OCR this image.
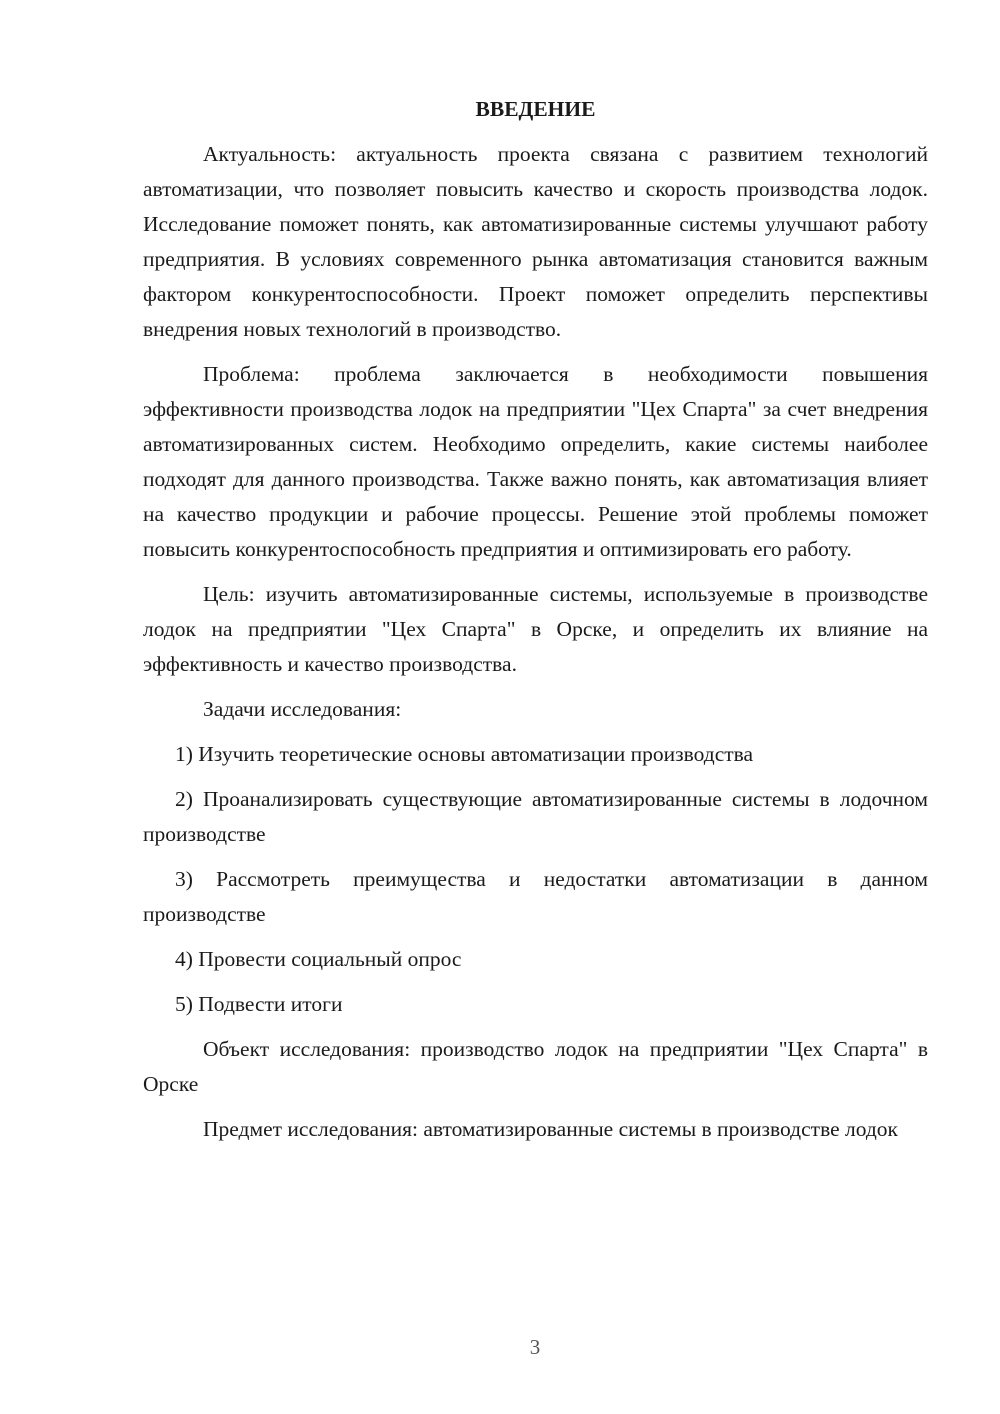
ВВЕДЕНИЕ

Актуальность: актуальность проекта связана с развитием технологий автоматизации, что позволяет повысить качество и скорость производства лодок. Исследование поможет понять, как автоматизированные системы улучшают работу предприятия. В условиях современного рынка автоматизация становится важным фактором конкурентоспособности. Проект поможет определить перспективы внедрения новых технологий в производство.

Проблема: проблема заключается в необходимости повышения эффективности производства лодок на предприятии "Цех Спарта" за счет внедрения автоматизированных систем. Необходимо определить, какие системы наиболее подходят для данного производства. Также важно понять, как автоматизация влияет на качество продукции и рабочие процессы. Решение этой проблемы поможет повысить конкурентоспособность предприятия и оптимизировать его работу.

Цель: изучить автоматизированные системы, используемые в производстве лодок на предприятии "Цех Спарта" в Орске, и определить их влияние на эффективность и качество производства.

Задачи исследования:

1) Изучить теоретические основы автоматизации производства

2) Проанализировать существующие автоматизированные системы в лодочном производстве

3) Рассмотреть преимущества и недостатки автоматизации в данном производстве

4) Провести социальный опрос

5) Подвести итоги

Объект исследования: производство лодок на предприятии "Цех Спарта" в Орске

Предмет исследования: автоматизированные системы в производстве лодок

3
